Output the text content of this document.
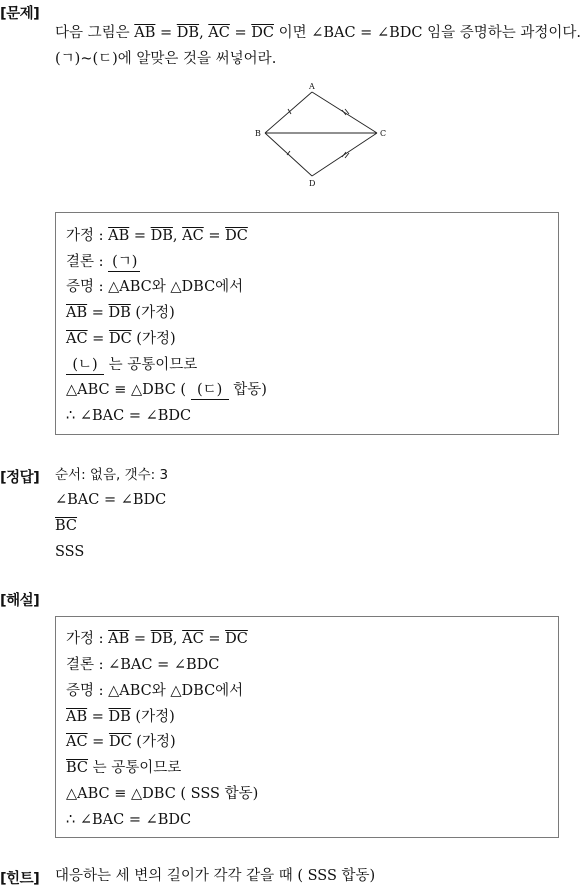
[문제]
다음 그림은 $\overline{AB} = \overline{DB}$, $\overline{AC} = \overline{DC}$ 이면 ∠BAC = ∠BDC 임을 증명하는 과정이다.
(ㄱ)~(ㄷ)에 알맞은 것을 써넣어라.
A
B	C
D
가정 : $\overline{AB} = \overline{DB}$, $\overline{AC} = \overline{DC}$
결론 : (ㄱ)
증명 : △ABC와 △DBC에서
$\overline{AB} = \overline{DB}$ (가정)
$\overline{AC} = \overline{DC}$ (가정)
(ㄴ) 는 공통이므로
△ABC ≡ △DBC ( (ㄷ) 합동)
∴ ∠BAC = ∠BDC
[정답] 순서: 없음, 갯수: 3
∠BAC = ∠BDC
$\overline{BC}$
SSS
[해설]
가정 : $\overline{AB} = \overline{DB}$, $\overline{AC} = \overline{DC}$
결론 : ∠BAC = ∠BDC
증명 : △ABC와 △DBC에서
$\overline{AB} = \overline{DB}$ (가정)
$\overline{AC} = \overline{DC}$ (가정)
$\overline{BC}$ 는 공통이므로
△ABC ≡ △DBC ( SSS 합동)
∴ ∠BAC = ∠BDC
[힌트] 대응하는 세 변의 길이가 각각 같을 때 ( SSS 합동)
